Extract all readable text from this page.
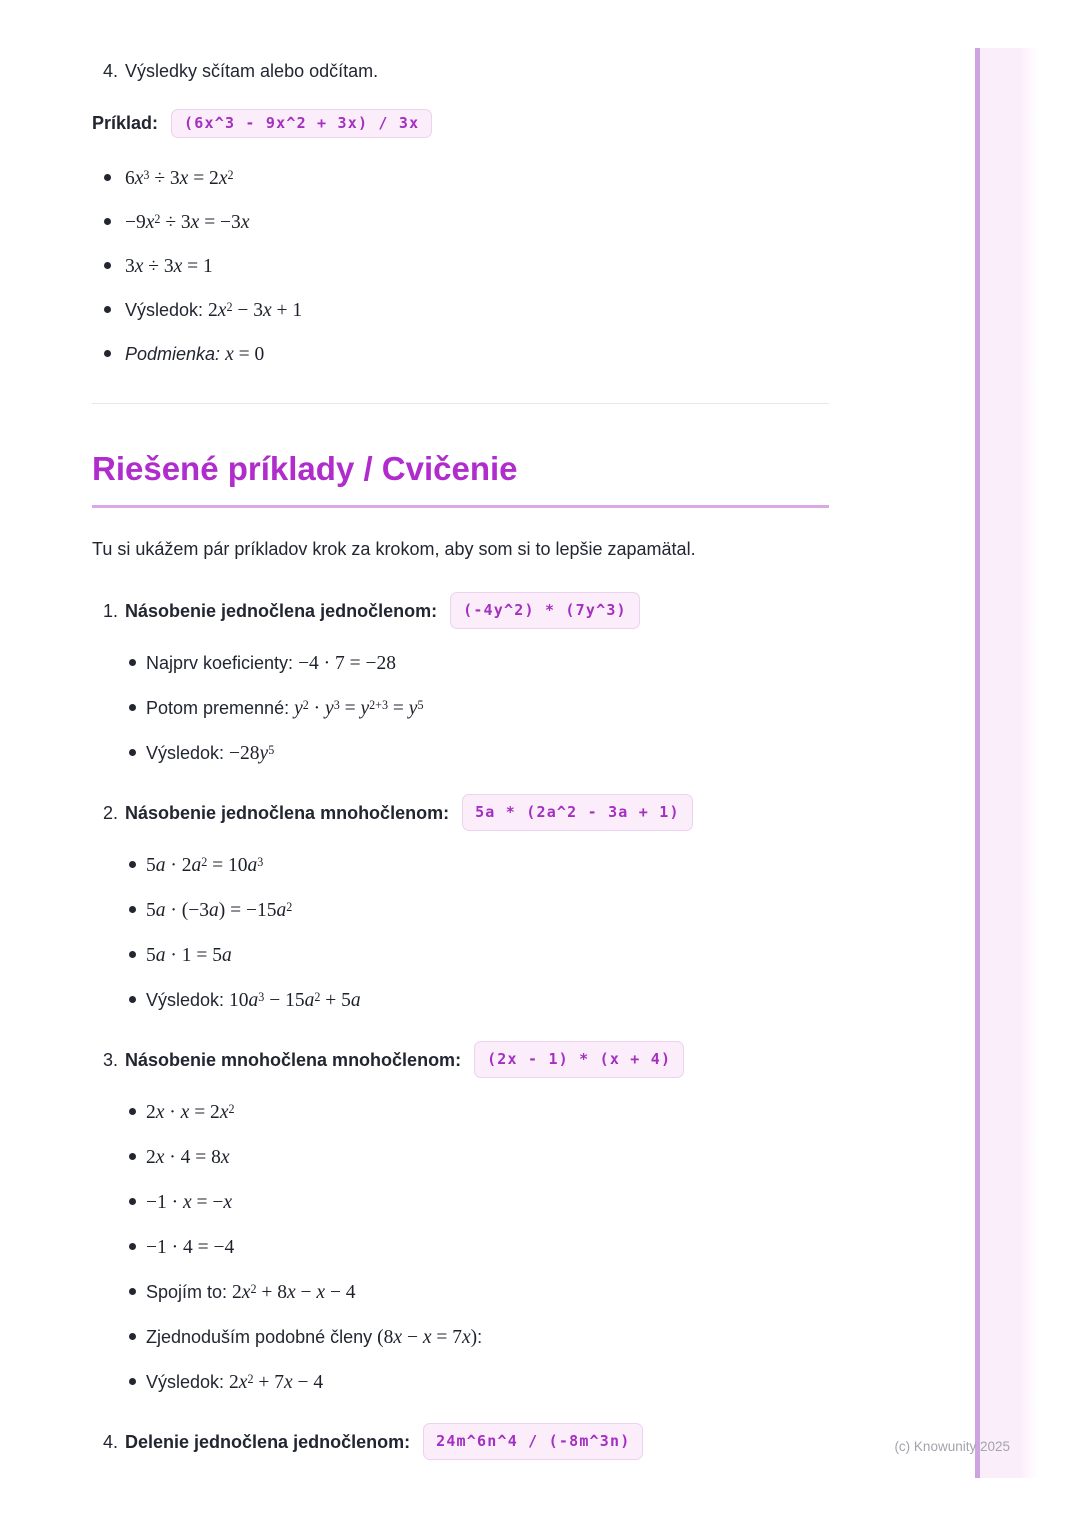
4. Výsledky sčítam alebo odčítam.
Príklad:	(6x^3 - 9x^2 + 3x) / 3x
$6x^3 \div 3x = 2x^2$
$-9x^2 \div 3x = -3x$
3x ÷ 3x = 1
Výsledok: $2x^2 - 3x + 1$
Podmienka: x = 0
Riešené príklady / Cvičenie

Tu si ukážem pár príkladov krok za krokom, aby som si to lepšie zapamätal.

1. Násobenie jednočlena jednočlenom:	(-4y^2) * (7y^3)
Najprv koeficienty: −4 · 7 = −28
Potom premenné: $y^2 \cdot y^3 = y^{2+3} = y^5$
Výsledok: $-28y^5$
2. Násobenie jednočlena mnohočlenom:	5a * (2a^2 - 3a + 1)
$5a \cdot 2a^2 = 10a^3$
$5a \cdot (-3a) = -15a^2$
5a · 1 = 5a
Výsledok: $10a^3 - 15a^2 + 5a$
3. Násobenie mnohočlena mnohočlenom:	(2x - 1) * (x + 4)
$2x \cdot x = 2x^2$
2x · 4 = 8x
−1 · x = −x
−1 · 4 = −4
Spojím to: $2x^2 + 8x - x - 4$
Zjednoduším podobné členy (8x − x = 7x):
Výsledok: $2x^2 + 7x - 4$
4. Delenie jednočlena jednočlenom:	24m^6n^4 / (-8m^3n)	(c) Knowunity 2025
